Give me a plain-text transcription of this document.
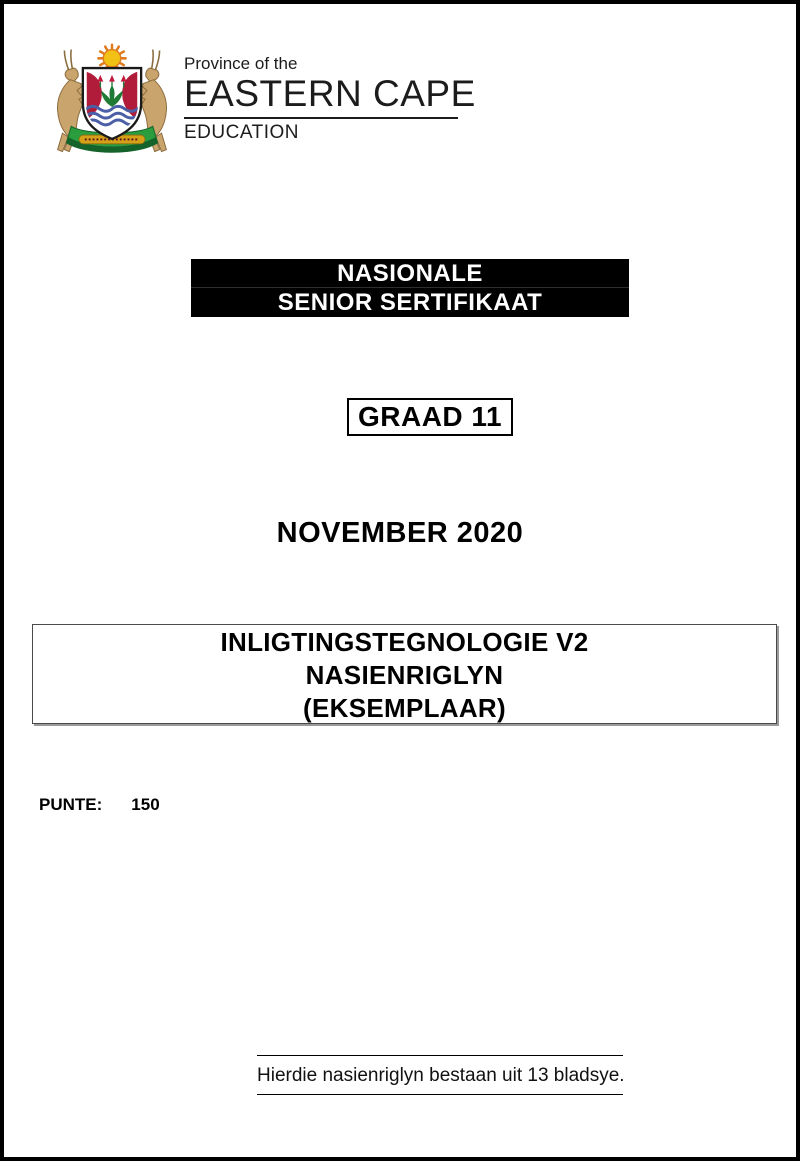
Province of the
EASTERN CAPE
EDUCATION
NASIONALE
SENIOR SERTIFIKAAT
GRAAD 11
NOVEMBER 2020
INLIGTINGSTEGNOLOGIE V2
NASIENRIGLYN
(EKSEMPLAAR)
PUNTE: 150
Hierdie nasienriglyn bestaan uit 13 bladsye.
